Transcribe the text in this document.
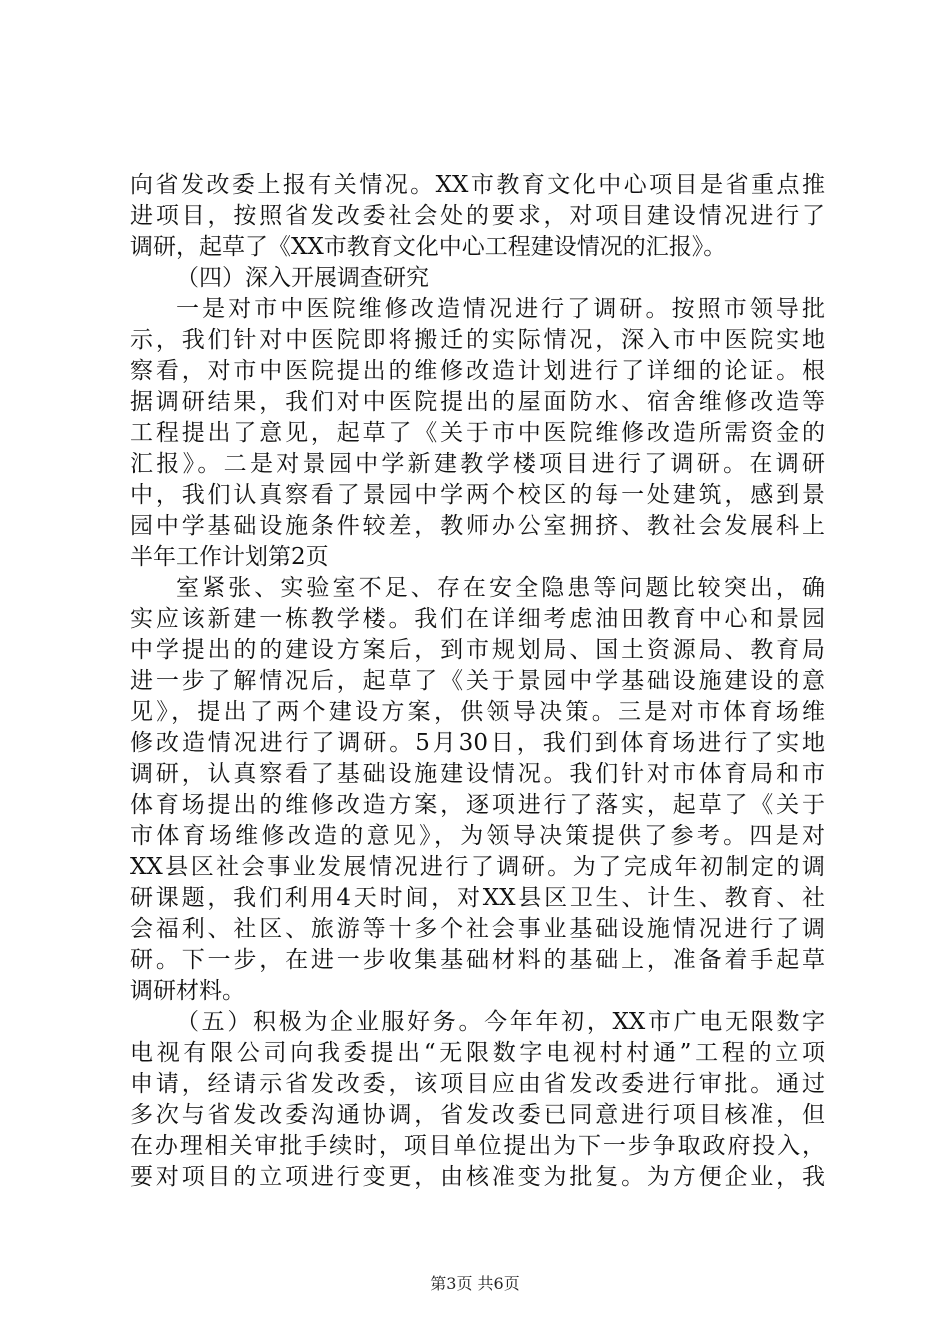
向省发改委上报有关情况。XX市教育文化中心项目是省重点推
进项目，按照省发改委社会处的要求，对项目建设情况进行了
调研，起草了《XX市教育文化中心工程建设情况的汇报》。
（四）深入开展调查研究
一是对市中医院维修改造情况进行了调研。按照市领导批
示，我们针对中医院即将搬迁的实际情况，深入市中医院实地
察看，对市中医院提出的维修改造计划进行了详细的论证。根
据调研结果，我们对中医院提出的屋面防水、宿舍维修改造等
工程提出了意见，起草了《关于市中医院维修改造所需资金的
汇报》。二是对景园中学新建教学楼项目进行了调研。在调研
中，我们认真察看了景园中学两个校区的每一处建筑，感到景
园中学基础设施条件较差，教师办公室拥挤、教社会发展科上
半年工作计划第2页
室紧张、实验室不足、存在安全隐患等问题比较突出，确
实应该新建一栋教学楼。我们在详细考虑油田教育中心和景园
中学提出的的建设方案后，到市规划局、国土资源局、教育局
进一步了解情况后，起草了《关于景园中学基础设施建设的意
见》，提出了两个建设方案，供领导决策。三是对市体育场维
修改造情况进行了调研。5月30日，我们到体育场进行了实地
调研，认真察看了基础设施建设情况。我们针对市体育局和市
体育场提出的维修改造方案，逐项进行了落实，起草了《关于
市体育场维修改造的意见》，为领导决策提供了参考。四是对
XX县区社会事业发展情况进行了调研。为了完成年初制定的调
研课题，我们利用4天时间，对XX县区卫生、计生、教育、社
会福利、社区、旅游等十多个社会事业基础设施情况进行了调
研。下一步，在进一步收集基础材料的基础上，准备着手起草
调研材料。
（五）积极为企业服好务。今年年初，XX市广电无限数字
电视有限公司向我委提出“无限数字电视村村通”工程的立项
申请，经请示省发改委，该项目应由省发改委进行审批。通过
多次与省发改委沟通协调，省发改委已同意进行项目核准，但
在办理相关审批手续时，项目单位提出为下一步争取政府投入，
要对项目的立项进行变更，由核准变为批复。为方便企业，我
第3页 共6页
